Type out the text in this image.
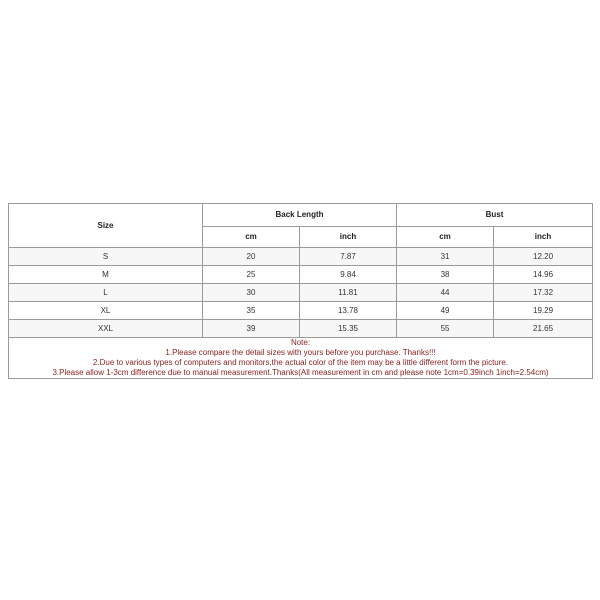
Size	Back Length		Bust	
	cm	inch	cm	inch
S	20	7.87	31	12.20
M	25	9.84	38	14.96
L	30	11.81	44	17.32
XL	35	13.78	49	19.29
XXL	39	15.35	55	21.65

Note:
1.Please compare the detail sizes with yours before you purchase. Thanks!!!
2.Due to various types of computers and monitors,the actual color of the item may be a little different form the picture.
3.Please allow 1-3cm difference due to manual measurement.Thanks(All measurement in cm and please note 1cm=0.39inch 1inch=2.54cm)				
